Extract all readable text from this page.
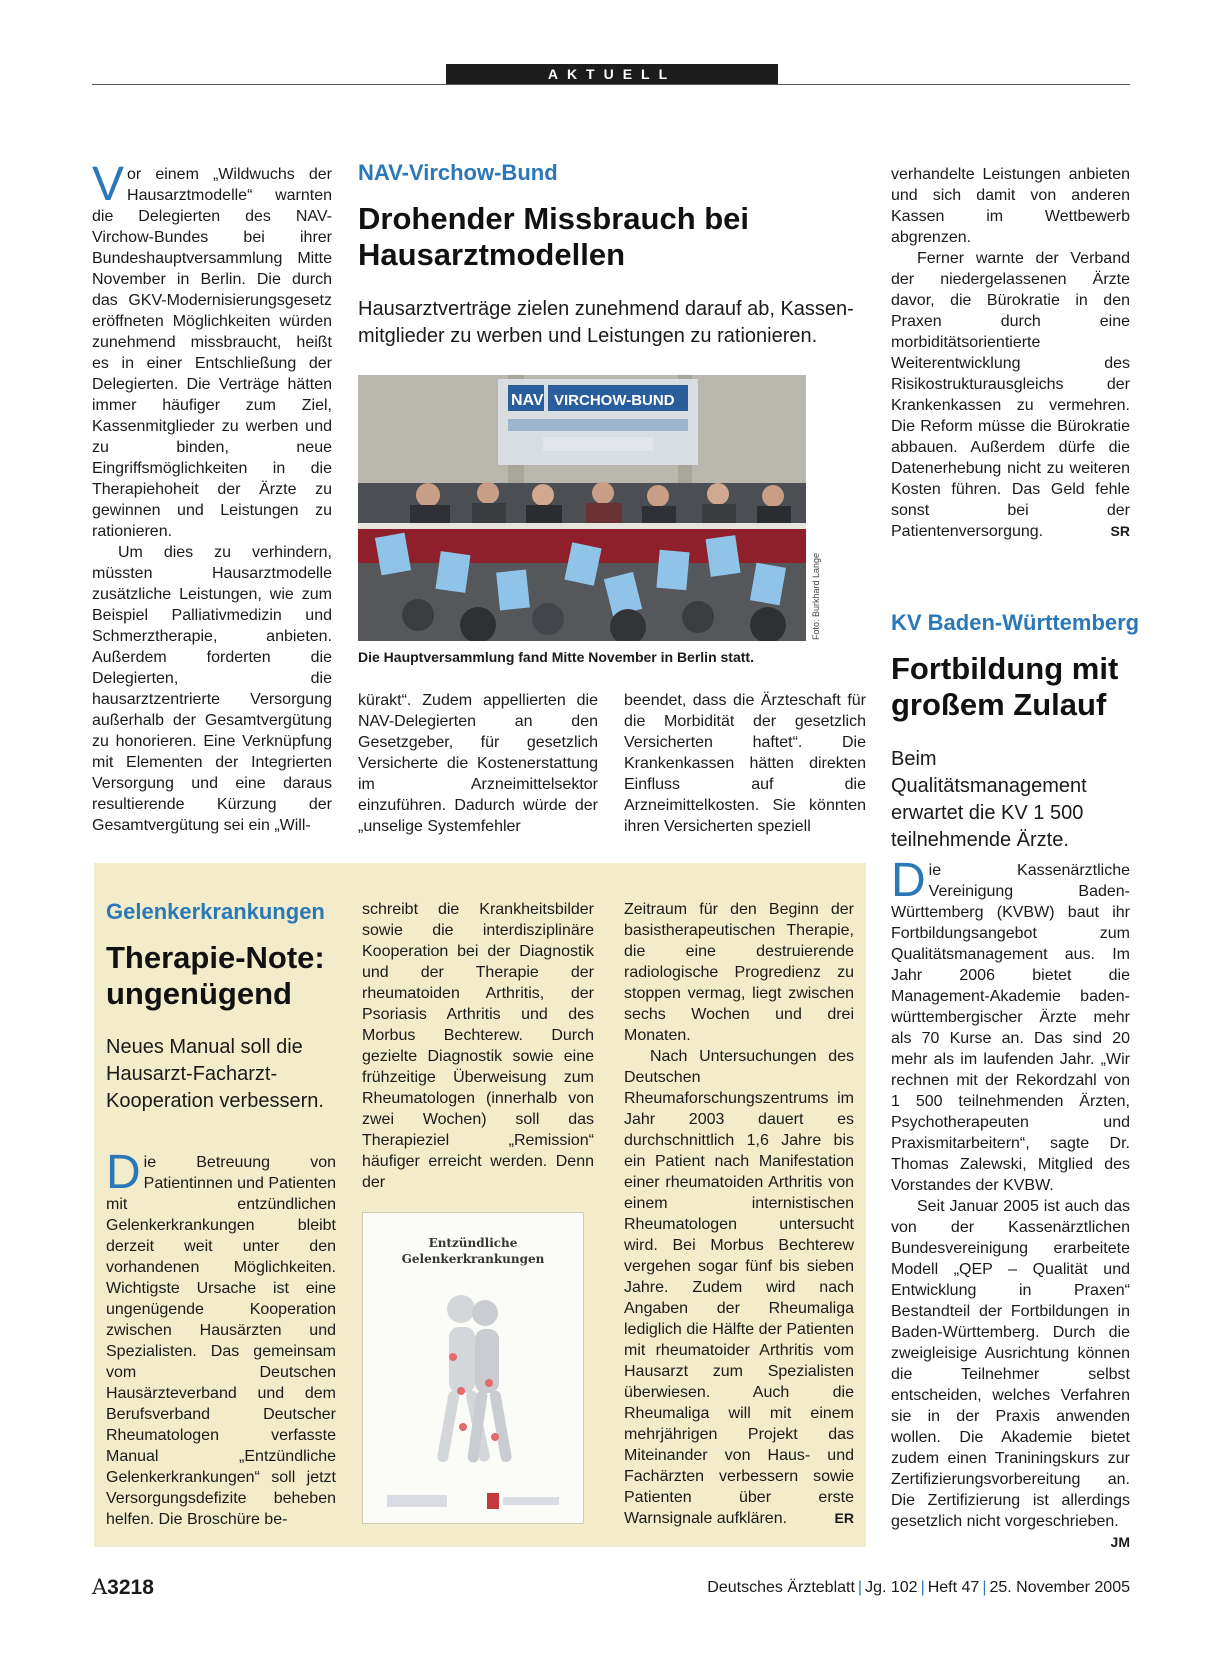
AKTUELL

Vor einem „Wildwuchs der Hausarztmodelle“ warnten die Delegierten des NAV-Virchow-Bundes bei ihrer Bundeshauptversammlung Mitte November in Berlin. Die durch das GKV-Modernisierungsgesetz eröffneten Möglichkeiten würden zunehmend missbraucht, heißt es in einer Entschließung der Delegierten. Die Verträge hätten immer häufiger zum Ziel, Kassenmitglieder zu werben und zu binden, neue Eingriffsmöglichkeiten in die Therapiehoheit der Ärzte zu gewinnen und Leistungen zu rationieren.

Um dies zu verhindern, müssten Hausarztmodelle zusätzliche Leistungen, wie zum Beispiel Palliativmedizin und Schmerztherapie, anbieten. Außerdem forderten die Delegierten, die hausarztzentrierte Versorgung außerhalb der Gesamtvergütung zu honorieren. Eine Verknüpfung mit Elementen der Integrierten Versorgung und eine daraus resultierende Kürzung der Gesamtvergütung sei ein „Will-

NAV-Virchow-Bund
Drohender Missbrauch bei Hausarztmodellen
Hausarztverträge zielen zunehmend darauf ab, Kassen-mitglieder zu werben und Leistungen zu rationieren.
NAV VIRCHOW-BUND
Foto: Burkhard Lange
Die Hauptversammlung fand Mitte November in Berlin statt.

kürakt“. Zudem appellierten die NAV-Delegierten an den Gesetzgeber, für gesetzlich Versicherte die Kostenerstattung im Arzneimittelsektor einzuführen. Dadurch würde der „unselige Systemfehler

beendet, dass die Ärzteschaft für die Morbidität der gesetzlich Versicherten haftet“. Die Krankenkassen hätten direkten Einfluss auf die Arzneimittelkosten. Sie könnten ihren Versicherten speziell

verhandelte Leistungen anbieten und sich damit von anderen Kassen im Wettbewerb abgrenzen.

Ferner warnte der Verband der niedergelassenen Ärzte davor, die Bürokratie in den Praxen durch eine morbiditätsorientierte Weiterentwicklung des Risikostrukturausgleichs der Krankenkassen zu vermehren. Die Reform müsse die Bürokratie abbauen. Außerdem dürfe die Datenerhebung nicht zu weiteren Kosten führen. Das Geld fehle sonst bei der Patientenversorgung.	SR

KV Baden-Württemberg
Fortbildung mit großem Zulauf
Beim Qualitätsmanagement erwartet die KV 1 500 teilnehmende Ärzte.

Die Kassenärztliche Vereinigung Baden-Württemberg (KVBW) baut ihr Fortbildungsangebot zum Qualitätsmanagement aus. Im Jahr 2006 bietet die Management-Akademie baden-württembergischer Ärzte mehr als 70 Kurse an. Das sind 20 mehr als im laufenden Jahr. „Wir rechnen mit der Rekordzahl von 1 500 teilnehmenden Ärzten, Psychotherapeuten und Praxismitarbeitern“, sagte Dr. Thomas Zalewski, Mitglied des Vorstandes der KVBW.

Seit Januar 2005 ist auch das von der Kassenärztlichen Bundesvereinigung erarbeitete Modell „QEP – Qualität und Entwicklung in Praxen“ Bestandteil der Fortbildungen in Baden-Württemberg. Durch die zweigleisige Ausrichtung können die Teilnehmer selbst entscheiden, welches Verfahren sie in der Praxis anwenden wollen. Die Akademie bietet zudem einen Traniningskurs zur Zertifizierungsvorbereitung an. Die Zertifizierung ist allerdings gesetzlich nicht vorgeschrieben.
JM

Gelenkerkrankungen
Therapie-Note: ungenügend
Neues Manual soll die Hausarzt-Facharzt-Kooperation verbessern.

Die Betreuung von Patientinnen und Patienten mit entzündlichen Gelenkerkrankungen bleibt derzeit weit unter den vorhandenen Möglichkeiten. Wichtigste Ursache ist eine ungenügende Kooperation zwischen Hausärzten und Spezialisten. Das gemeinsam vom Deutschen Hausärzteverband und dem Berufsverband Deutscher Rheumatologen verfasste Manual „Entzündliche Gelenkerkrankungen“ soll jetzt Versorgungsdefizite beheben helfen. Die Broschüre be-

schreibt die Krankheitsbilder sowie die interdisziplinäre Kooperation bei der Diagnostik und der Therapie der rheumatoiden Arthritis, der Psoriasis Arthritis und des Morbus Bechterew. Durch gezielte Diagnostik sowie eine frühzeitige Überweisung zum Rheumatologen (innerhalb von zwei Wochen) soll das Therapieziel „Remission“ häufiger erreicht werden. Denn der

Entzündliche Gelenkerkrankungen

Zeitraum für den Beginn der basistherapeutischen Therapie, die eine destruierende radiologische Progredienz zu stoppen vermag, liegt zwischen sechs Wochen und drei Monaten.

Nach Untersuchungen des Deutschen Rheumaforschungszentrums im Jahr 2003 dauert es durchschnittlich 1,6 Jahre bis ein Patient nach Manifestation einer rheumatoiden Arthritis von einem internistischen Rheumatologen untersucht wird. Bei Morbus Bechterew vergehen sogar fünf bis sieben Jahre. Zudem wird nach Angaben der Rheumaliga lediglich die Hälfte der Patienten mit rheumatoider Arthritis vom Hausarzt zum Spezialisten überwiesen. Auch die Rheumaliga will mit einem mehrjährigen Projekt das Miteinander von Haus- und Fachärzten verbessern sowie Patienten über erste Warnsignale aufklären.	ER

A3218	Deutsches Ärzteblatt | Jg. 102 | Heft 47 | 25. November 2005
